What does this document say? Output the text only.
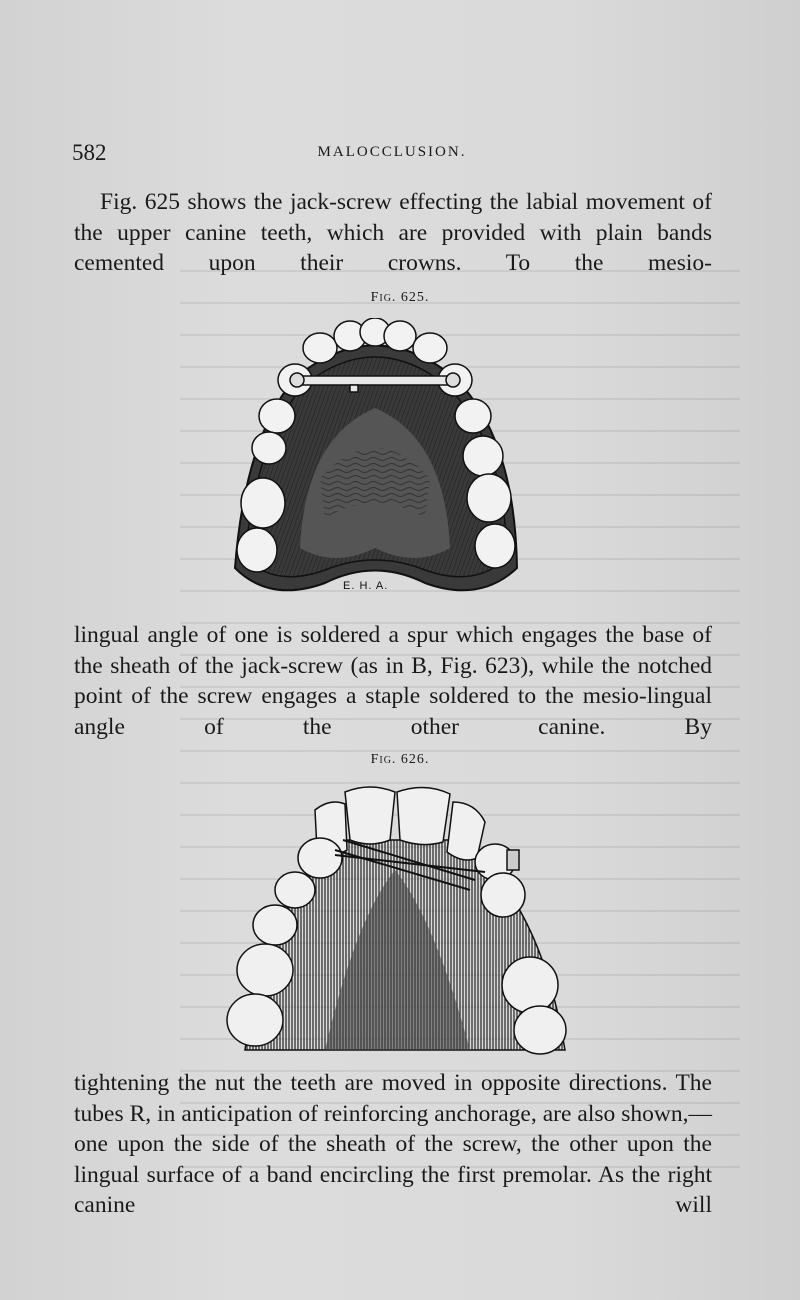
582	MALOCCLUSION.

Fig. 625 shows the jack-screw effecting the labial movement of the upper canine teeth, which are provided with plain bands cemented upon their crowns. To the mesio-

Fig. 625.
E. H. A.

lingual angle of one is soldered a spur which engages the base of the sheath of the jack-screw (as in B, Fig. 623), while the notched point of the screw engages a staple soldered to the mesio-lingual angle of the other canine. By

Fig. 626.

tightening the nut the teeth are moved in opposite directions. The tubes R, in anticipation of reinforcing anchorage, are also shown,—one upon the side of the sheath of the screw, the other upon the lingual surface of a band encircling the first premolar. As the right canine will
